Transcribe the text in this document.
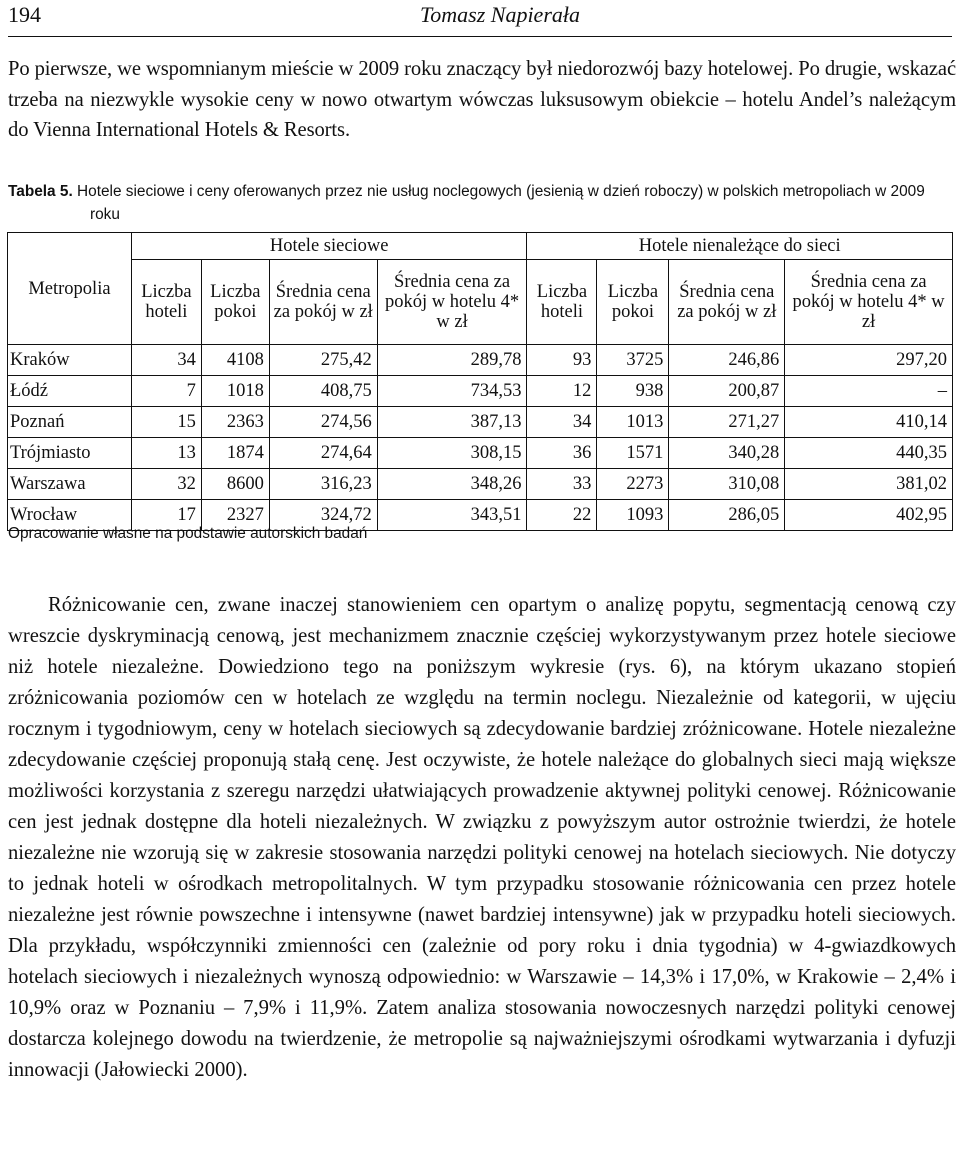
194	Tomasz Napierała

Po pierwsze, we wspomnianym mieście w 2009 roku znaczący był niedorozwój bazy hotelowej. Po drugie, wskazać trzeba na niezwykle wysokie ceny w nowo otwartym wówczas luksusowym obiekcie – hotelu Andel’s należącym do Vienna International Hotels & Resorts.

Tabela 5. Hotele sieciowe i ceny oferowanych przez nie usług noclegowych (jesienią w dzień roboczy) w polskich metropoliach w 2009 roku
Metropolia	Hotele sieciowe				Hotele nienależące do sieci			
	Liczba hoteli	Liczba pokoi	Średnia cena za pokój w zł	Średnia cena za pokój w hotelu 4* w zł	Liczba hoteli	Liczba pokoi	Średnia cena za pokój w zł	Średnia cena za pokój w hotelu 4* w zł
Kraków	34	4108	275,42	289,78	93	3725	246,86	297,20
Łódź	7	1018	408,75	734,53	12	938	200,87	–
Poznań	15	2363	274,56	387,13	34	1013	271,27	410,14
Trójmiasto	13	1874	274,64	308,15	36	1571	340,28	440,35
Warszawa	32	8600	316,23	348,26	33	2273	310,08	381,02
Wrocław	17	2327	324,72	343,51	22	1093	286,05	402,95
Opracowanie własne na podstawie autorskich badań

Różnicowanie cen, zwane inaczej stanowieniem cen opartym o analizę popytu, segmentacją cenową czy wreszcie dyskryminacją cenową, jest mechanizmem znacznie częściej wykorzystywanym przez hotele sieciowe niż hotele niezależne. Dowiedziono tego na poniższym wykresie (rys. 6), na którym ukazano stopień zróżnicowania poziomów cen w hotelach ze względu na termin noclegu. Niezależnie od kategorii, w ujęciu rocznym i tygodniowym, ceny w hotelach sieciowych są zdecydowanie bardziej zróżnicowane. Hotele niezależne zdecydowanie częściej proponują stałą cenę. Jest oczywiste, że hotele należące do globalnych sieci mają większe możliwości korzystania z szeregu narzędzi ułatwiających prowadzenie aktywnej polityki cenowej. Różnicowanie cen jest jednak dostępne dla hoteli niezależnych. W związku z powyższym autor ostrożnie twierdzi, że hotele niezależne nie wzorują się w zakresie stosowania narzędzi polityki cenowej na hotelach sieciowych. Nie dotyczy to jednak hoteli w ośrodkach metropolitalnych. W tym przypadku stosowanie różnicowania cen przez hotele niezależne jest równie powszechne i intensywne (nawet bardziej intensywne) jak w przypadku hoteli sieciowych. Dla przykładu, współczynniki zmienności cen (zależnie od pory roku i dnia tygodnia) w 4-gwiazdkowych hotelach sieciowych i niezależnych wynoszą odpowiednio: w Warszawie – 14,3% i 17,0%, w Krakowie – 2,4% i 10,9% oraz w Poznaniu – 7,9% i 11,9%. Zatem analiza stosowania nowoczesnych narzędzi polityki cenowej dostarcza kolejnego dowodu na twierdzenie, że metropolie są najważniejszymi ośrodkami wytwarzania i dyfuzji innowacji (Jałowiecki 2000).
